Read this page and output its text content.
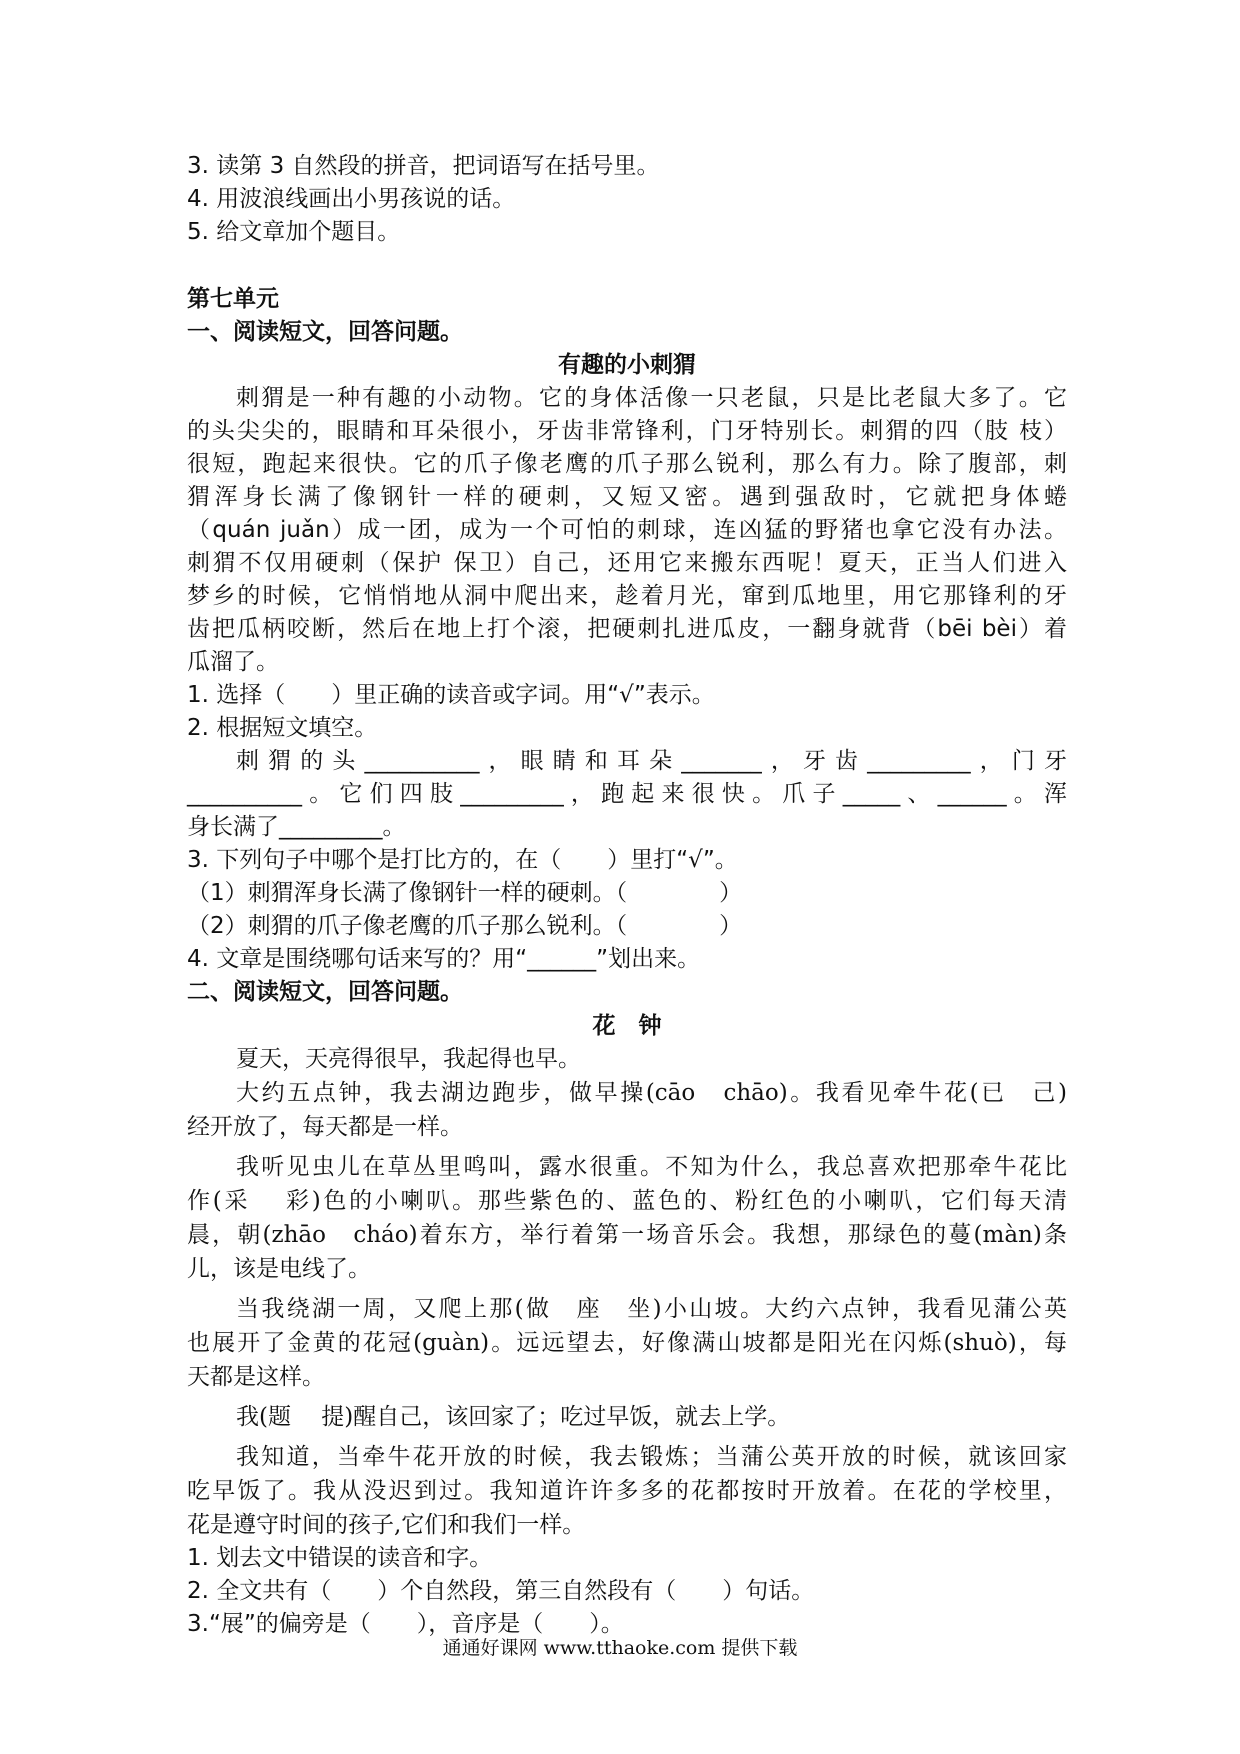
3. 读第 3 自然段的拼音，把词语写在括号里。
4. 用波浪线画出小男孩说的话。
5. 给文章加个题目。
第七单元
一、阅读短文，回答问题。
有趣的小刺猬
刺猬是一种有趣的小动物。它的身体活像一只老鼠，只是比老鼠大多了。它
的头尖尖的，眼睛和耳朵很小，牙齿非常锋利，门牙特别长。刺猬的四（肢 枝）
很短，跑起来很快。它的爪子像老鹰的爪子那么锐利，那么有力。除了腹部，刺
猬浑身长满了像钢针一样的硬刺，又短又密。遇到强敌时，它就把身体蜷
（quán juǎn）成一团，成为一个可怕的刺球，连凶猛的野猪也拿它没有办法。
刺猬不仅用硬刺（保护 保卫）自己，还用它来搬东西呢！夏天，正当人们进入
梦乡的时候，它悄悄地从洞中爬出来，趁着月光，窜到瓜地里，用它那锋利的牙
齿把瓜柄咬断，然后在地上打个滚，把硬刺扎进瓜皮，一翻身就背（bēi bèi）着
瓜溜了。
1. 选择（　　）里正确的读音或字词。用“√”表示。
2. 根据短文填空。
刺猬的头__________，眼睛和耳朵_______，牙齿_________，门牙
__________。它们四肢_________，跑起来很快。爪子_____、______。浑
身长满了_________。
3. 下列句子中哪个是打比方的，在（　　）里打“√”。
（1）刺猬浑身长满了像钢针一样的硬刺。（　　　　）
（2）刺猬的爪子像老鹰的爪子那么锐利。（　　　　）
4. 文章是围绕哪句话来写的？用“______”划出来。
二、阅读短文，回答问题。
花　钟
夏天，天亮得很早，我起得也早。
大约五点钟，我去湖边跑步，做早操(cāo　chāo)。我看见牵牛花(已　己)
经开放了，每天都是一样。
我听见虫儿在草丛里鸣叫，露水很重。不知为什么，我总喜欢把那牵牛花比
作(采　 彩)色的小喇叭。那些紫色的、蓝色的、粉红色的小喇叭，它们每天清
晨，朝(zhāo　cháo)着东方，举行着第一场音乐会。我想，那绿色的蔓(màn)条
儿，该是电线了。
当我绕湖一周，又爬上那(做　座　坐)小山坡。大约六点钟，我看见蒲公英
也展开了金黄的花冠(guàn)。远远望去，好像满山坡都是阳光在闪烁(shuò)，每
天都是这样。
我(题　 提)醒自己，该回家了；吃过早饭，就去上学。
我知道，当牵牛花开放的时候，我去锻炼；当蒲公英开放的时候，就该回家
吃早饭了。我从没迟到过。我知道许许多多的花都按时开放着。在花的学校里，
花是遵守时间的孩子,它们和我们一样。
1. 划去文中错误的读音和字。
2. 全文共有（　　）个自然段，第三自然段有（　　）句话。
3.“展”的偏旁是（　　），音序是（　　）。
通通好课网 www.tthaoke.com 提供下载
